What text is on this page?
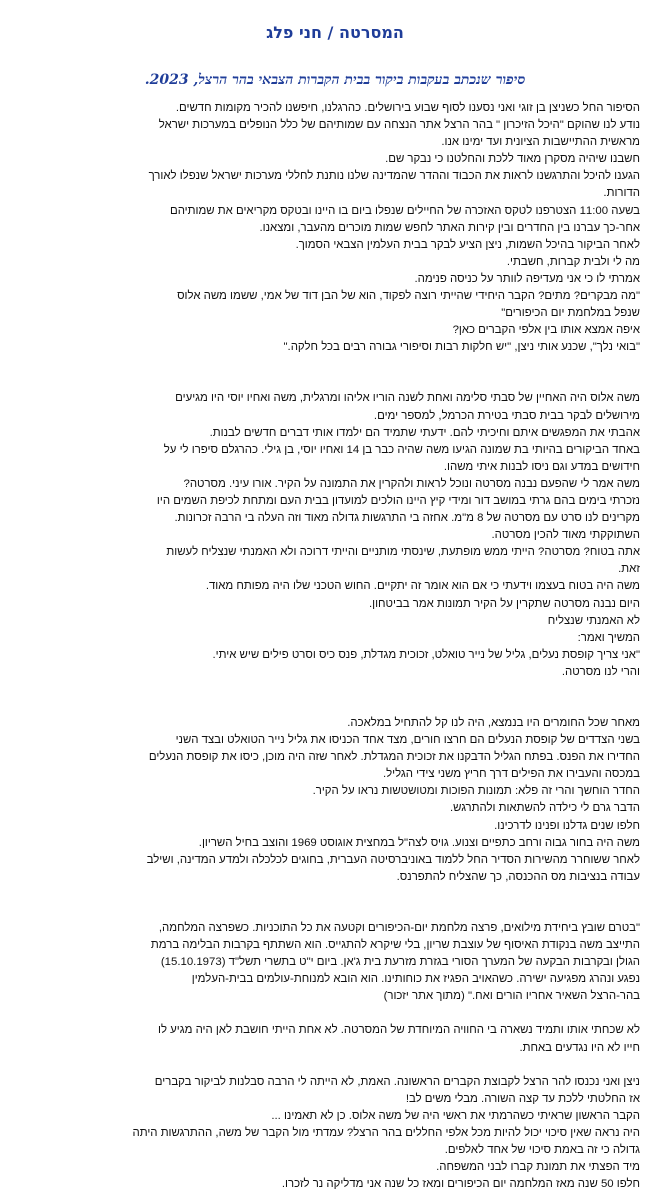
המסרטה / חני פלג
סיפור שנכתב בעקבות ביקור בבית הקברות הצבאי בהר הרצל, 2023.

הסיפור החל כשניצן בן זוגי ואני נסענו לסוף שבוע בירושלים. כהרגלנו, חיפשנו להכיר מקומות חדשים.

נודע לנו שהוקם "היכל הזיכרון " בהר הרצל אתר הנצחה עם שמותיהם של כלל הנופלים במערכות ישראל

מראשית ההתיישבות הציונית ועד ימינו אנו.

חשבנו שיהיה מסקרן מאוד ללכת והחלטנו כי נבקר שם.

הגענו להיכל והתרגשנו לראות את הכבוד וההדר שהמדינה שלנו נותנת לחללי מערכות ישראל שנפלו לאורך

הדורות.

בשעה 11:00 הצטרפנו לטקס האזכרה של החיילים שנפלו ביום בו היינו ובטקס מקריאים את שמותיהם

אחר-כך עברנו בין החדרים ובין קירות האתר לחפש שמות מוכרים מהעבר, ומצאנו.

לאחר הביקור בהיכל השמות, ניצן הציע לבקר בבית העלמין הצבאי הסמוך.

מה לי ולבית קברות, חשבתי.

אמרתי לו כי אני מעדיפה לוותר על כניסה פנימה.

"מה מבקרים? מתים? הקבר היחידי שהייתי רוצה לפקוד, הוא של הבן דוד של אמי, ששמו משה אלוס

שנפל במלחמת יום הכיפורים"

איפה אמצא אותו בין אלפי הקברים כאן?

"בואי נלך", שכנע אותי ניצן, "יש חלקות רבות וסיפורי גבורה רבים בכל חלקה."

משה אלוס היה האחיין של סבתי סלימה ואחת לשנה הוריו אליהו ומרגלית, משה ואחיו יוסי היו מגיעים

מירושלים לבקר בבית סבתי בטירת הכרמל, למספר ימים.

אהבתי את המפגשים איתם וחיכיתי להם. ידעתי שתמיד הם ילמדו אותי דברים חדשים לבנות.

באחד הביקורים בהיותי בת שמונה הגיעו משה שהיה כבר בן 14 ואחיו יוסי, בן גילי. כהרגלם סיפרו לי על

חידושים במדע וגם ניסו לבנות איתי משהו.

משה אמר לי שהפעם נבנה מסרטה ונוכל לראות ולהקרין את התמונה על הקיר. אורו עיני. מסרטה?

נזכרתי בימים בהם גרתי במושב דור ומידי קיץ היינו הולכים למועדון בבית העם ומתחת לכיפת השמים היו

מקרינים לנו סרט עם מסרטה של 8 מ"מ. אחזה בי התרגשות גדולה מאוד וזה העלה בי הרבה זכרונות.

השתוקקתי מאוד להכין מסרטה.

אתה בטוח? מסרטה? הייתי ממש מופתעת, שינסתי מותניים והייתי דרוכה ולא האמנתי שנצליח לעשות

זאת.

משה היה בטוח בעצמו וידעתי כי אם הוא אומר זה יתקיים. החוש הטכני שלו היה מפותח מאוד.

היום נבנה מסרטה שתקרין על הקיר תמונות אמר בביטחון.

לא האמנתי שנצליח

המשיך ואמר:

"אני צריך קופסת נעלים, גליל של נייר טואלט, זכוכית מגדלת, פנס כיס וסרט פילים שיש איתי.

והרי לנו מסרטה.

מאחר שכל החומרים היו בנמצא, היה לנו קל להתחיל במלאכה.

בשני הצדדים של קופסת הנעלים הם חרצו חורים, מצד אחד הכניסו את גליל נייר הטואלט ובצד השני

החדירו את הפנס. בפתח הגליל הדבקנו את זכוכית המגדלת. לאחר שזה היה מוכן, כיסו את קופסת הנעלים

במכסה והעבירו את הפילים דרך חריץ משני צידי הגליל.

החדר הוחשך והרי זה פלא: תמונות הפוכות ומטושטשות נראו על הקיר.

הדבר גרם לי כילדה להשתאות ולהתרגש.

חלפו שנים גדלנו ופנינו לדרכינו.

משה היה בחור גבוה ורחב כתפיים וצנוע. גויס לצה"ל במחצית אוגוסט 1969 והוצב בחיל השריון.

לאחר ששוחרר מהשירות הסדיר החל ללמוד באוניברסיטה העברית, בחוגים לכלכלה ולמדע המדינה, ושילב

עבודה בנציבות מס ההכנסה, כך שהצליח להתפרנס.

"בטרם שובץ ביחידת מילואים, פרצה מלחמת יום-הכיפורים וקטעה את כל התוכניות. כשפרצה המלחמה,

התייצב משה בנקודת האיסוף של עוצבת שריון, בלי שיקרא להתגייס. הוא השתתף בקרבות הבלימה ברמת

הגולן ובקרבות הבקעה של המערך הסורי בגזרת מזרעת בית ג'אן. ביום י"ט בתשרי תשל"ד (15.10.1973)

נפגע ונהרג מפגיעה ישירה. כשהאויב הפגיז את כוחותינו. הוא הובא למנוחת-עולמים בבית-העלמין

בהר-הרצל השאיר אחריו הורים ואח." (מתוך אתר יזכור)

לא שכחתי אותו ותמיד נשארה בי החוויה המיוחדת של המסרטה. לא אחת הייתי חושבת לאן היה מגיע לו

חייו לא היו נגדעים באחת.

ניצן ואני נכנסו להר הרצל לקבוצת הקברים הראשונה. האמת, לא הייתה לי הרבה סבלנות לביקור בקברים

אז החלטתי ללכת עד קצה השורה. מבלי משים לב!

הקבר הראשון שראיתי כשהרמתי את ראשי היה של משה אלוס. כן לא תאמינו ...

היה נראה שאין סיכוי יכול להיות מכל אלפי החללים בהר הרצל? עמדתי מול הקבר של משה, ההתרגשות היתה

גדולה כי זה באמת סיכוי של אחד לאלפים.

מיד הפצתי את תמונת קברו לבני המשפחה.

חלפו 50 שנה מאז המלחמה יום הכיפורים ומאז כל שנה אני מדליקה נר לזכרו.
